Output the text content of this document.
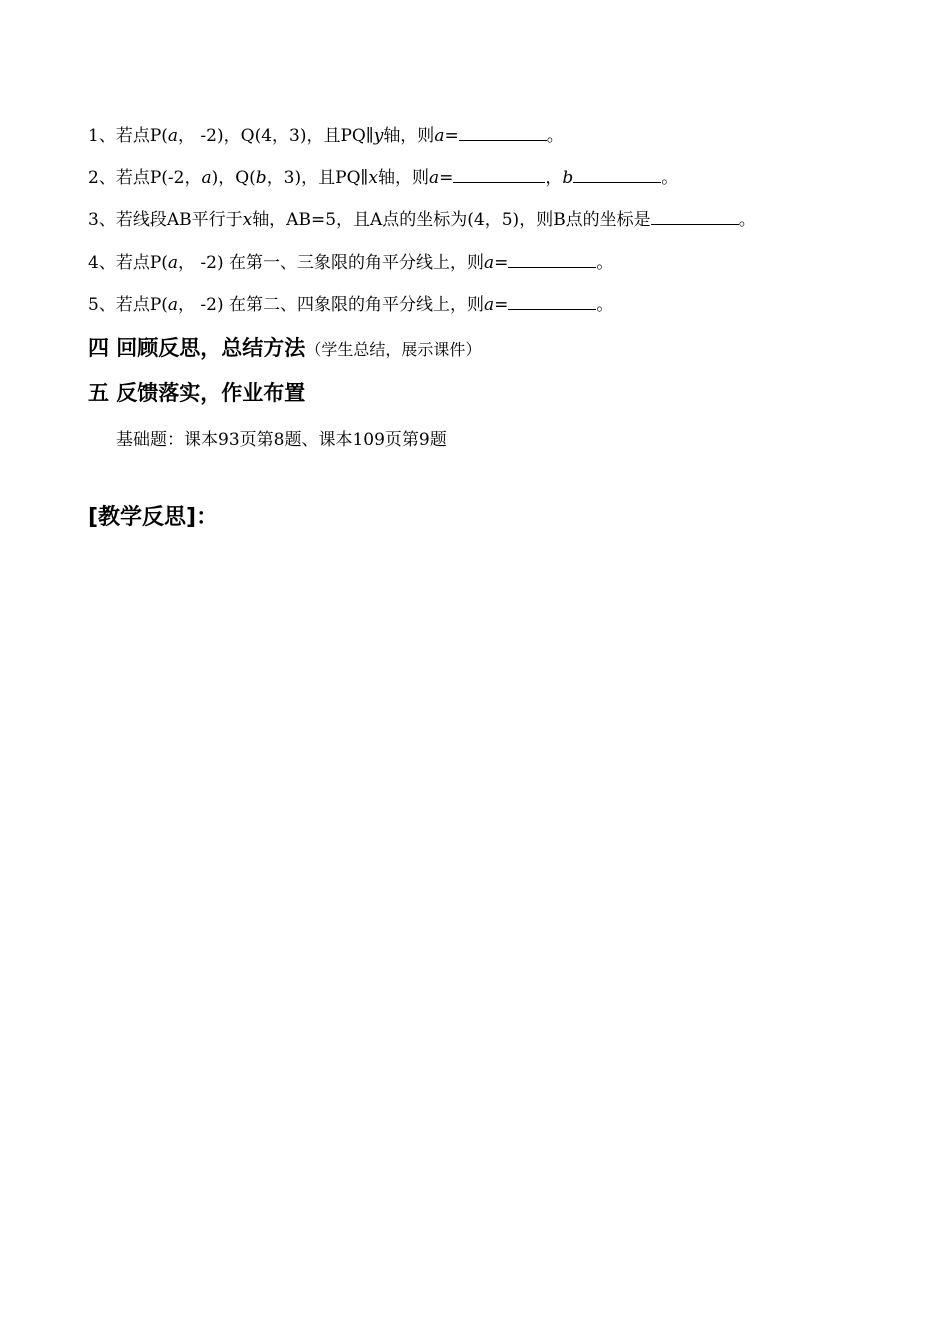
1、若点P(a， -2)，Q(4，3)，且PQ∥y轴，则a=	。
2、若点P(-2，a)，Q(b，3)，且PQ∥x轴，则a=	，b	。
3、若线段AB平行于x轴，AB=5，且A点的坐标为(4，5)，则B点的坐标是	。
4、若点P(a， -2) 在第一、三象限的角平分线上，则a=	。
5、若点P(a， -2) 在第二、四象限的角平分线上，则a=	。
四 回顾反思，总结方法（学生总结，展示课件）
五 反馈落实，作业布置
基础题：课本93页第8题、课本109页第9题
[教学反思]：
